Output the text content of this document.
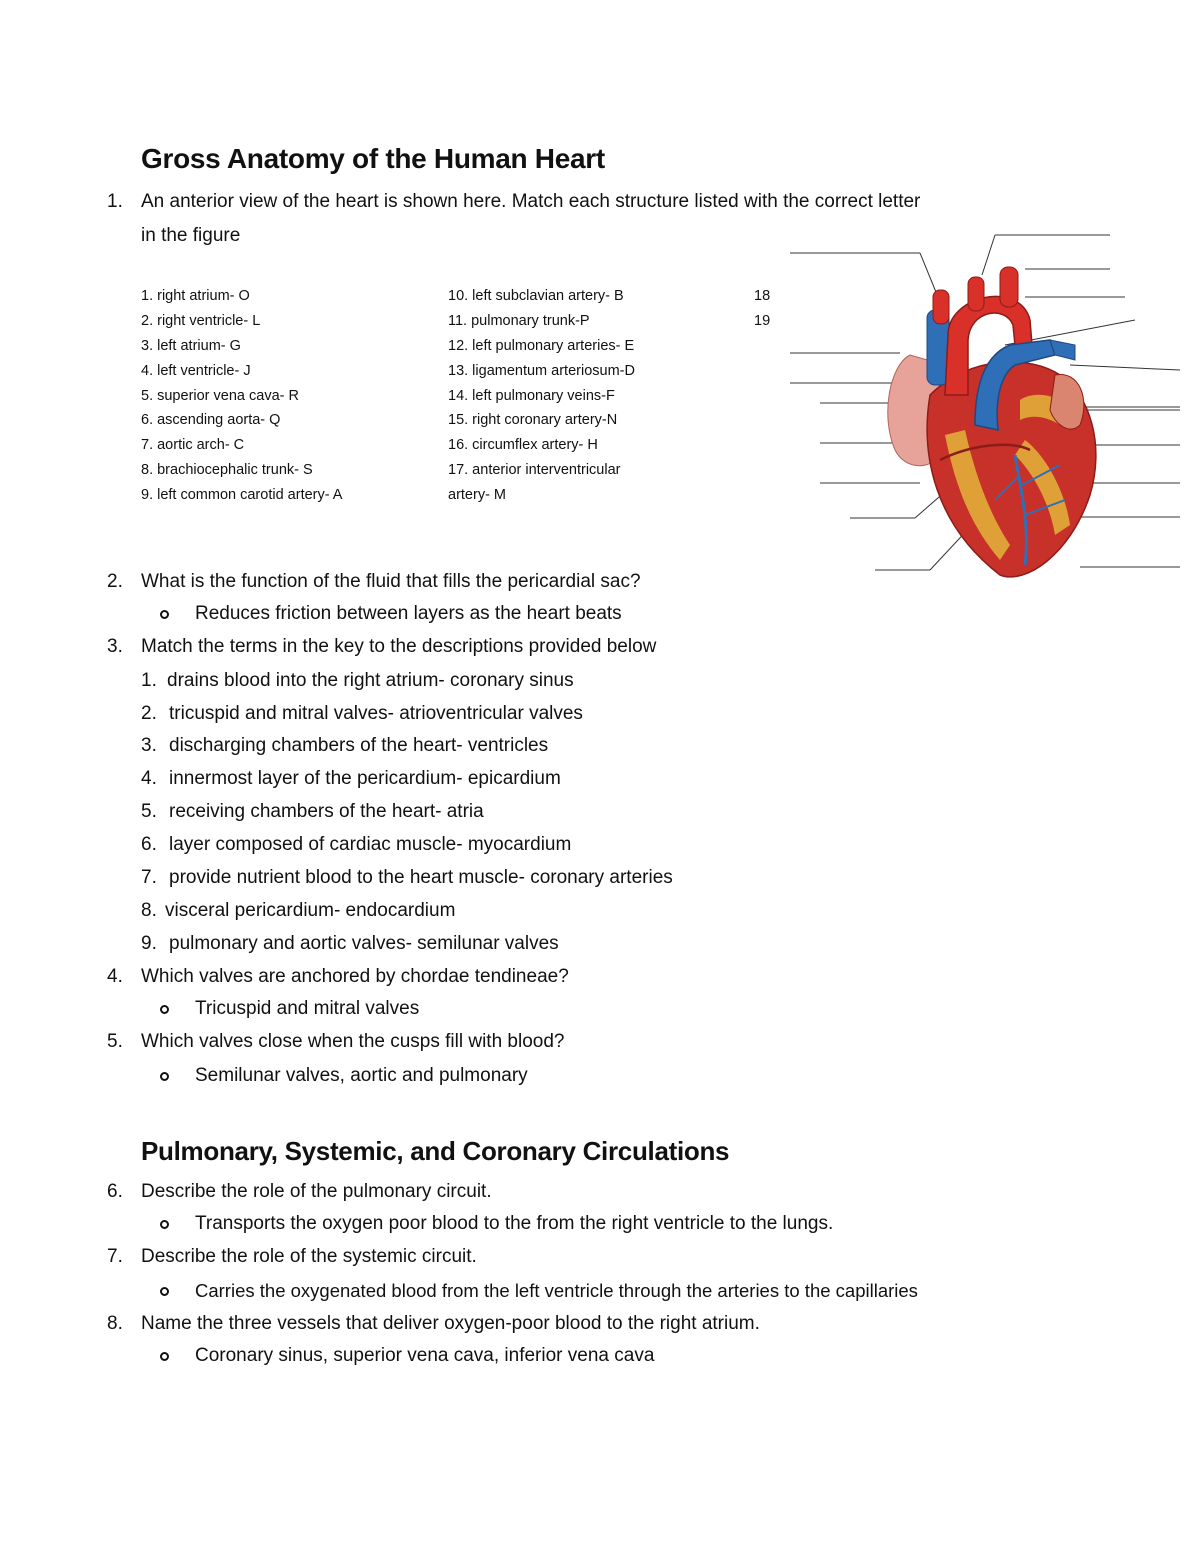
Gross Anatomy of the Human Heart
1. An anterior view of the heart is shown here. Match each structure listed with the correct letter
in the figure
1. right atrium- O
2. right ventricle- L
3. left atrium- G
4. left ventricle- J
5. superior vena cava- R
6. ascending aorta- Q
7. aortic arch- C
8. brachiocephalic trunk- S
9. left common carotid artery- A
10. left subclavian artery- B
11. pulmonary trunk-P
12. left pulmonary arteries- E
13. ligamentum arteriosum-D
14. left pulmonary veins-F
15. right coronary artery-N
16. circumflex artery- H
17. anterior interventricular
artery- M
18
19
2. What is the function of the fluid that fills the pericardial sac?
Reduces friction between layers as the heart beats
3. Match the terms in the key to the descriptions provided below
1. drains blood into the right atrium- coronary sinus
2. tricuspid and mitral valves- atrioventricular valves
3. discharging chambers of the heart- ventricles
4. innermost layer of the pericardium- epicardium
5. receiving chambers of the heart- atria
6. layer composed of cardiac muscle- myocardium
7. provide nutrient blood to the heart muscle- coronary arteries
8. visceral pericardium- endocardium
9. pulmonary and aortic valves- semilunar valves
4. Which valves are anchored by chordae tendineae?
Tricuspid and mitral valves
5. Which valves close when the cusps fill with blood?
Semilunar valves, aortic and pulmonary
Pulmonary, Systemic, and Coronary Circulations
6. Describe the role of the pulmonary circuit.
Transports the oxygen poor blood to the from the right ventricle to the lungs.
7. Describe the role of the systemic circuit.
Carries the oxygenated blood from the left ventricle through the arteries to the capillaries
8. Name the three vessels that deliver oxygen-poor blood to the right atrium.
Coronary sinus, superior vena cava, inferior vena cava
